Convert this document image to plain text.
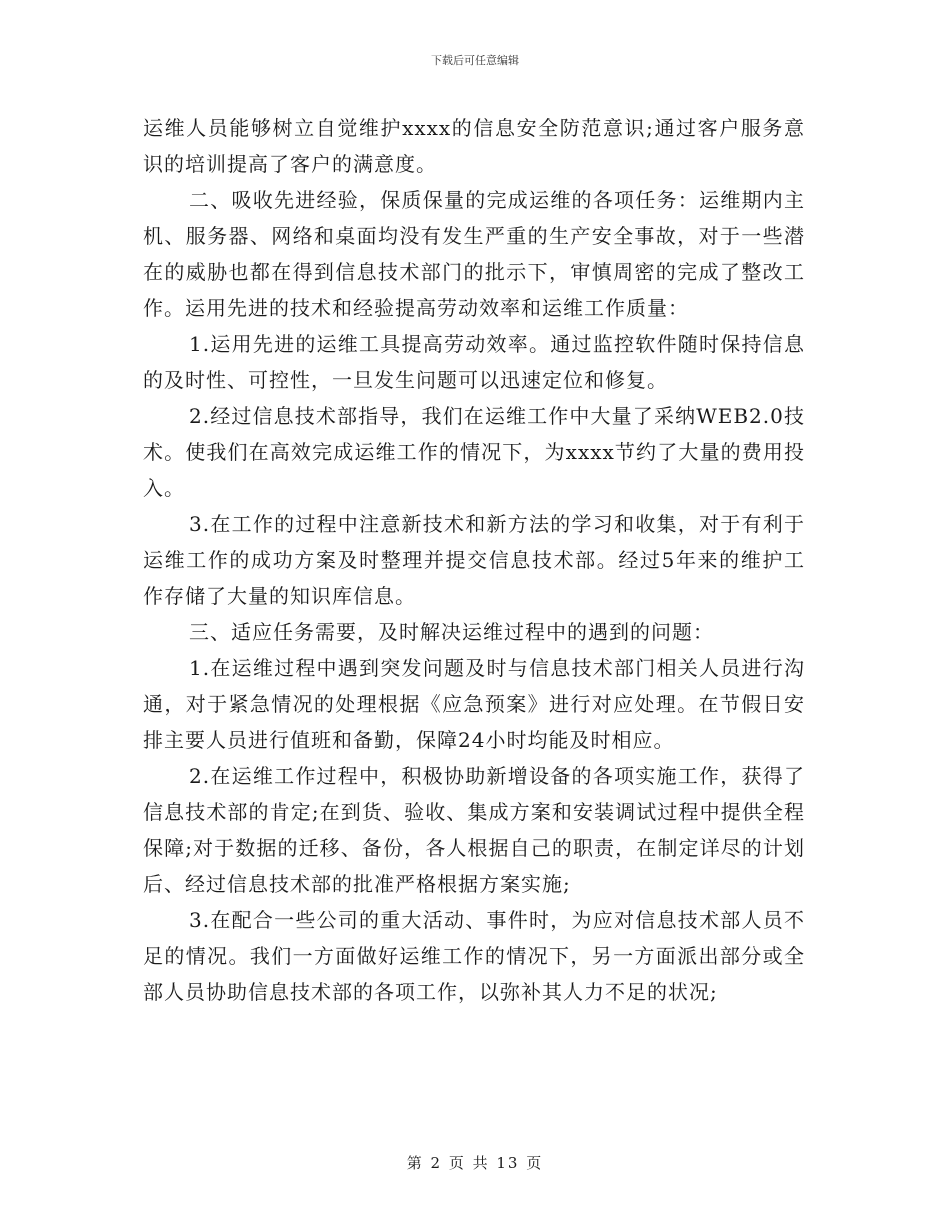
下载后可任意编辑

运维人员能够树立自觉维护xxxx的信息安全防范意识;通过客户服务意识的培训提高了客户的满意度。

二、吸收先进经验，保质保量的完成运维的各项任务：运维期内主机、服务器、网络和桌面均没有发生严重的生产安全事故，对于一些潜在的威胁也都在得到信息技术部门的批示下，审慎周密的完成了整改工作。运用先进的技术和经验提高劳动效率和运维工作质量：

1.运用先进的运维工具提高劳动效率。通过监控软件随时保持信息的及时性、可控性，一旦发生问题可以迅速定位和修复。

2.经过信息技术部指导，我们在运维工作中大量了采纳WEB2.0技术。使我们在高效完成运维工作的情况下，为xxxx节约了大量的费用投入。

3.在工作的过程中注意新技术和新方法的学习和收集，对于有利于运维工作的成功方案及时整理并提交信息技术部。经过5年来的维护工作存储了大量的知识库信息。

三、适应任务需要，及时解决运维过程中的遇到的问题：

1.在运维过程中遇到突发问题及时与信息技术部门相关人员进行沟通，对于紧急情况的处理根据《应急预案》进行对应处理。在节假日安排主要人员进行值班和备勤，保障24小时均能及时相应。

2.在运维工作过程中，积极协助新增设备的各项实施工作，获得了信息技术部的肯定;在到货、验收、集成方案和安装调试过程中提供全程保障;对于数据的迁移、备份，各人根据自己的职责，在制定详尽的计划后、经过信息技术部的批准严格根据方案实施;

3.在配合一些公司的重大活动、事件时，为应对信息技术部人员不足的情况。我们一方面做好运维工作的情况下，另一方面派出部分或全部人员协助信息技术部的各项工作，以弥补其人力不足的状况;

第 2 页 共 13 页
